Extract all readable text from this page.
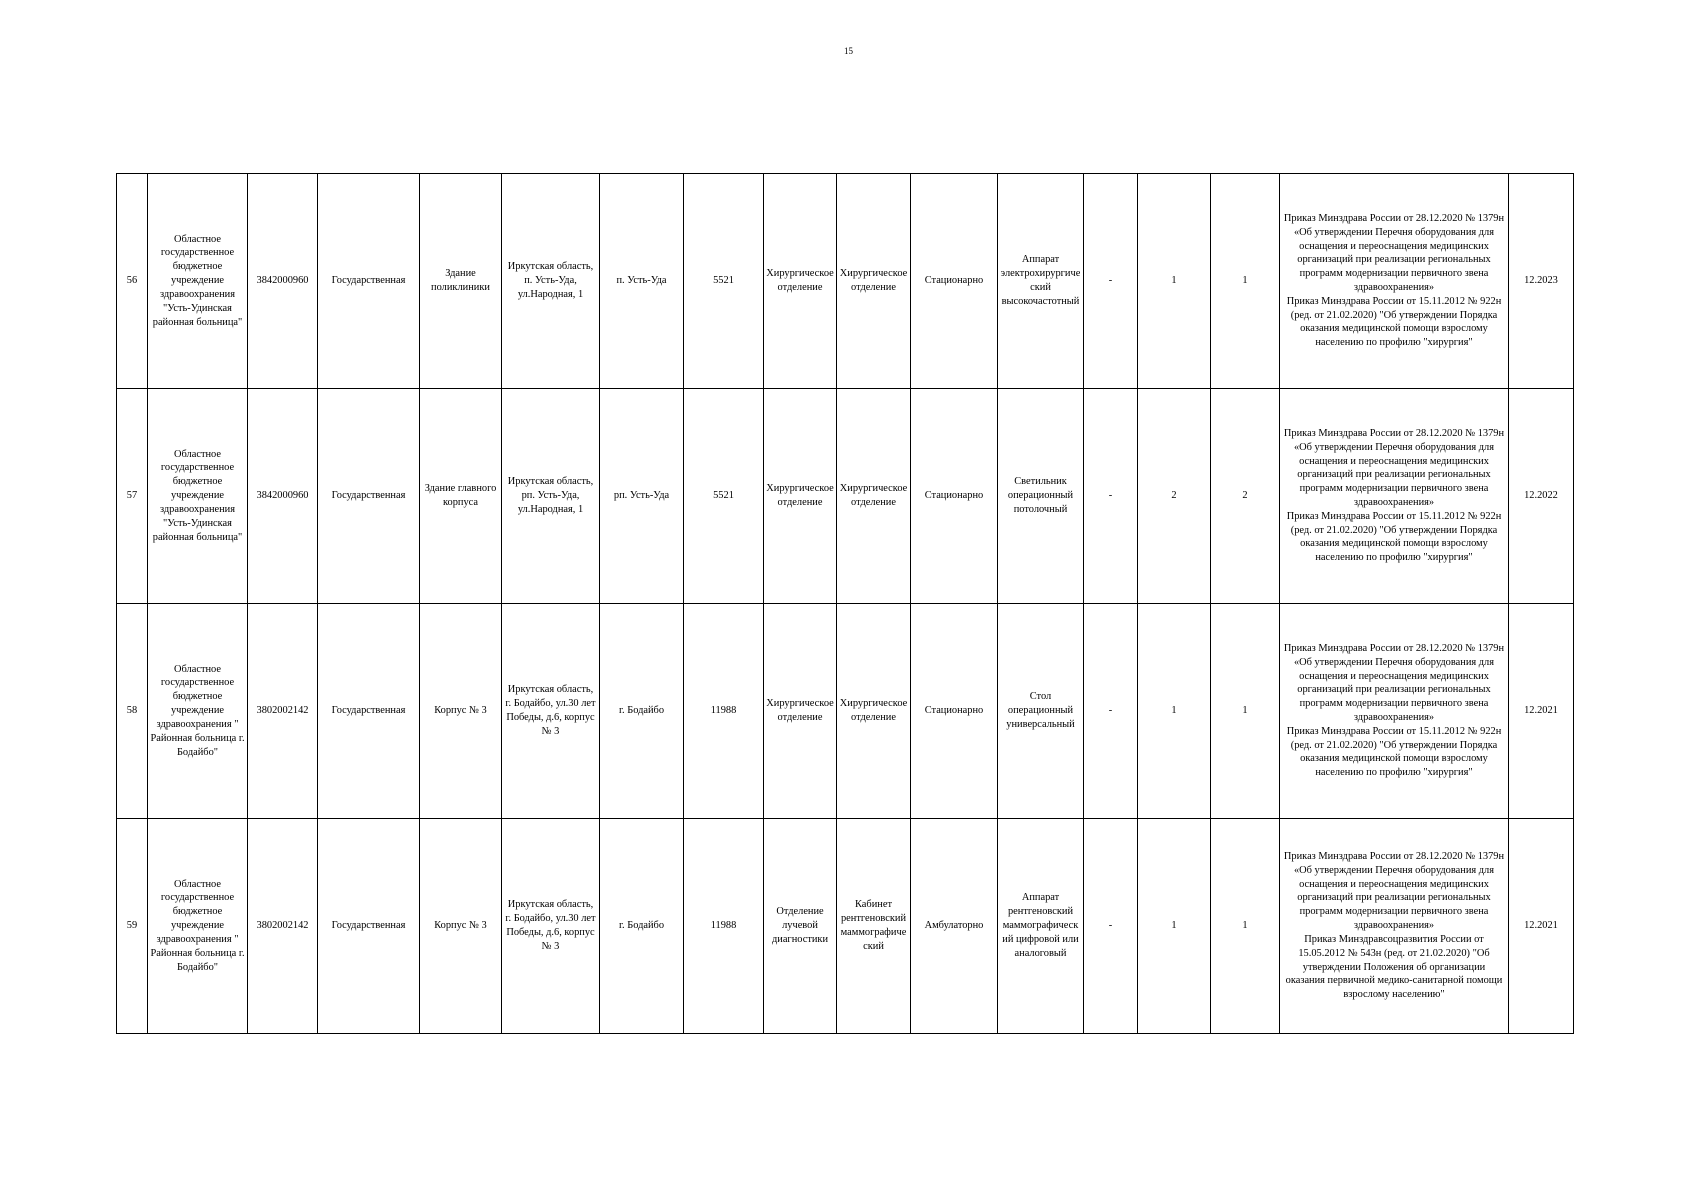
15
56	Областное государственное бюджетное учреждение здравоохранения "Усть-Удинская районная больница"	3842000960	Государственная	Здание поликлиники	Иркутская область, п. Усть-Уда, ул.Народная, 1	п. Усть-Уда	5521	Хирургическое отделение	Хирургическое отделение	Стационарно	Аппарат электрохирургический высокочастотный	-	1	1	Приказ Минздрава России от 28.12.2020 № 1379н «Об утверждении Перечня оборудования для оснащения и переоснащения медицинских организаций при реализации региональных программ модернизации первичного звена здравоохранения»
Приказ Минздрава России от 15.11.2012 № 922н (ред. от 21.02.2020) "Об утверждении Порядка оказания медицинской помощи взрослому населению по профилю "хирургия"	12.2023
57	Областное государственное бюджетное учреждение здравоохранения "Усть-Удинская районная больница"	3842000960	Государственная	Здание главного корпуса	Иркутская область, рп. Усть-Уда, ул.Народная, 1	рп. Усть-Уда	5521	Хирургическое отделение	Хирургическое отделение	Стационарно	Светильник операционный потолочный	-	2	2	Приказ Минздрава России от 28.12.2020 № 1379н «Об утверждении Перечня оборудования для оснащения и переоснащения медицинских организаций при реализации региональных программ модернизации первичного звена здравоохранения»
Приказ Минздрава России от 15.11.2012 № 922н (ред. от 21.02.2020) "Об утверждении Порядка оказания медицинской помощи взрослому населению по профилю "хирургия"	12.2022
58	Областное государственное бюджетное учреждение здравоохранения " Районная больница г. Бодайбо"	3802002142	Государственная	Корпус № 3	Иркутская область, г. Бодайбо, ул.30 лет Победы, д.6, корпус № 3	г. Бодайбо	11988	Хирургическое отделение	Хирургическое отделение	Стационарно	Стол операционный универсальный	-	1	1	Приказ Минздрава России от 28.12.2020 № 1379н «Об утверждении Перечня оборудования для оснащения и переоснащения медицинских организаций при реализации региональных программ модернизации первичного звена здравоохранения»
Приказ Минздрава России от 15.11.2012 № 922н (ред. от 21.02.2020) "Об утверждении Порядка оказания медицинской помощи взрослому населению по профилю "хирургия"	12.2021
59	Областное государственное бюджетное учреждение здравоохранения " Районная больница г. Бодайбо"	3802002142	Государственная	Корпус № 3	Иркутская область, г. Бодайбо, ул.30 лет Победы, д.6, корпус № 3	г. Бодайбо	11988	Отделение лучевой диагностики	Кабинет рентгеновский маммографический	Амбулаторно	Аппарат рентгеновский маммографический цифровой или аналоговый	-	1	1	Приказ Минздрава России от 28.12.2020 № 1379н «Об утверждении Перечня оборудования для оснащения и переоснащения медицинских организаций при реализации региональных программ модернизации первичного звена здравоохранения»
Приказ Минздравсоцразвития России от 15.05.2012 № 543н (ред. от 21.02.2020) "Об утверждении Положения об организации оказания первичной медико-санитарной помощи взрослому населению"	12.2021
